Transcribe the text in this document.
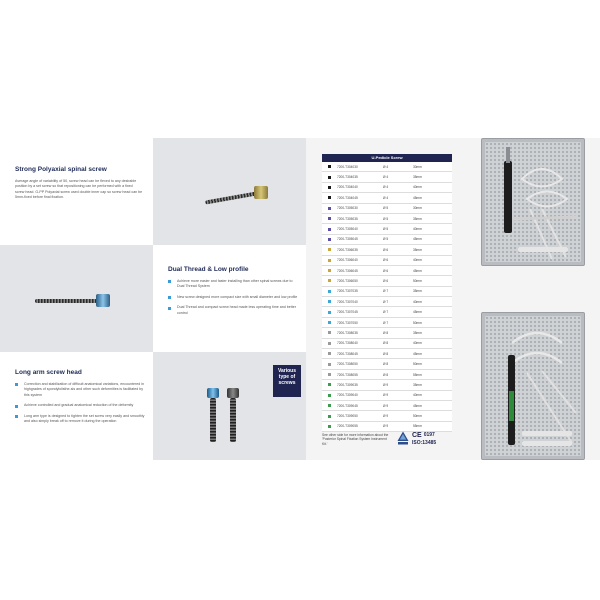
Strong Polyaxial spinal screw

Average angle of variability of 50, screw head can be flexed to any desirable position by a set screw so that repositioning can be performed with a fixed screw head. G-PP Polyaxial screw used double inner cap so screw head can be 5mm-fixed before final fixation.

Dual Thread & Low profile

Achieve more easier and faster installing than other spinal screws due to Dual Thread System
New screw designed more compact size with small diameter and low profile
Dual Thread and compact screw head made less operating time and better control

Long arm screw head

Correction and stabilization of difficult anatomical variations, encountered in highgrades of spondylolisthe-sis and other such deformities is facilitated by this system
Achieve controlled and gradual anatomical reduction of the deformity
Long arm type is designed to tighten the set screw very easily and smoothly and also simply break off to remove it during the operation
Various
type of
screws
U-Pedicle Screw
7200-T304030	Ø 4	30mm
7200-T304035	Ø 4	35mm
7200-T304040	Ø 4	40mm
7200-T304045	Ø 4	45mm
7200-T305030	Ø 5	30mm
7200-T305035	Ø 5	35mm
7200-T305040	Ø 5	40mm
7200-T305045	Ø 5	45mm
7200-T306035	Ø 6	35mm
7200-T306040	Ø 6	40mm
7200-T306045	Ø 6	45mm
7200-T306050	Ø 6	50mm
7200-T307035	Ø 7	35mm
7200-T307040	Ø 7	40mm
7200-T307045	Ø 7	45mm
7200-T307050	Ø 7	50mm
7200-T308035	Ø 8	35mm
7200-T308040	Ø 8	40mm
7200-T308045	Ø 8	45mm
7200-T308050	Ø 8	50mm
7200-T308055	Ø 8	55mm
7200-T309035	Ø 9	35mm
7200-T309040	Ø 9	40mm
7200-T309045	Ø 9	45mm
7200-T309050	Ø 9	50mm
7200-T309055	Ø 9	55mm
See other side for more information about the 'Posterior Spinal Fixation System Instrument Kit.'
CE 0197
ISO:13485
